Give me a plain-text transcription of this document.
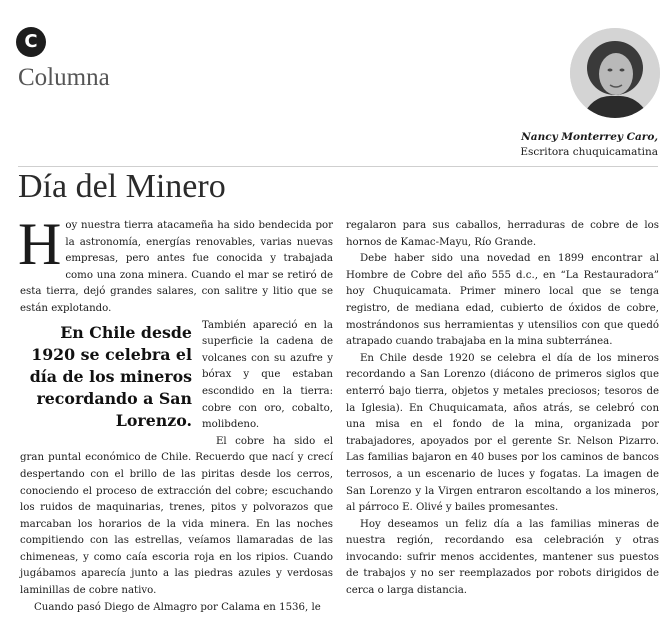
C
Columna
Nancy Monterrey Caro,
Escritora chuquicamatina
Día del Minero

Hoy nuestra tierra atacameña ha sido bendecida por la astronomía, energías renovables, varias nuevas empresas, pero antes fue conocida y trabajada como una zona minera. Cuando el mar se retiró de esta tierra, dejó grandes salares, con salitre y litio que se están explotando.

En Chile desde 1920 se celebra el día de los mineros recordando a San Lorenzo.

También apareció en la superficie la cadena de volcanes con su azufre y bórax y que estaban escondido en la tierra: cobre con oro, cobalto, molibdeno.

El cobre ha sido el gran puntal económico de Chile. Recuerdo que nací y crecí despertando con el brillo de las piritas desde los cerros, conociendo el proceso de extracción del cobre; escuchando los ruidos de maquinarias, trenes, pitos y polvorazos que marcaban los horarios de la vida minera. En las noches compitiendo con las estrellas, veíamos llamaradas de las chimeneas, y como caía escoria roja en los ripios. Cuando jugábamos aparecía junto a las piedras azules y verdosas laminillas de cobre nativo.

Cuando pasó Diego de Almagro por Calama en 1536, le

regalaron para sus caballos, herraduras de cobre de los hornos de Kamac-Mayu, Río Grande.

Debe haber sido una novedad en 1899 encontrar al Hombre de Cobre del año 555 d.c., en “La Restauradora” hoy Chuquicamata. Primer minero local que se tenga registro, de mediana edad, cubierto de óxidos de cobre, mostrándonos sus herramientas y utensilios con que quedó atrapado cuando trabajaba en la mina subterránea.

En Chile desde 1920 se celebra el día de los mineros recordando a San Lorenzo (diácono de primeros siglos que enterró bajo tierra, objetos y metales preciosos; tesoros de la Iglesia). En Chuquicamata, años atrás, se celebró con una misa en el fondo de la mina, organizada por trabajadores, apoyados por el gerente Sr. Nelson Pizarro. Las familias bajaron en 40 buses por los caminos de bancos terrosos, a un escenario de luces y fogatas. La imagen de San Lorenzo y la Virgen entraron escoltando a los mineros, al párroco E. Olivé y bailes promesantes.

Hoy deseamos un feliz día a las familias mineras de nuestra región, recordando esa celebración y otras invocando: sufrir menos accidentes, mantener sus puestos de trabajos y no ser reemplazados por robots dirigidos de cerca o larga distancia.
